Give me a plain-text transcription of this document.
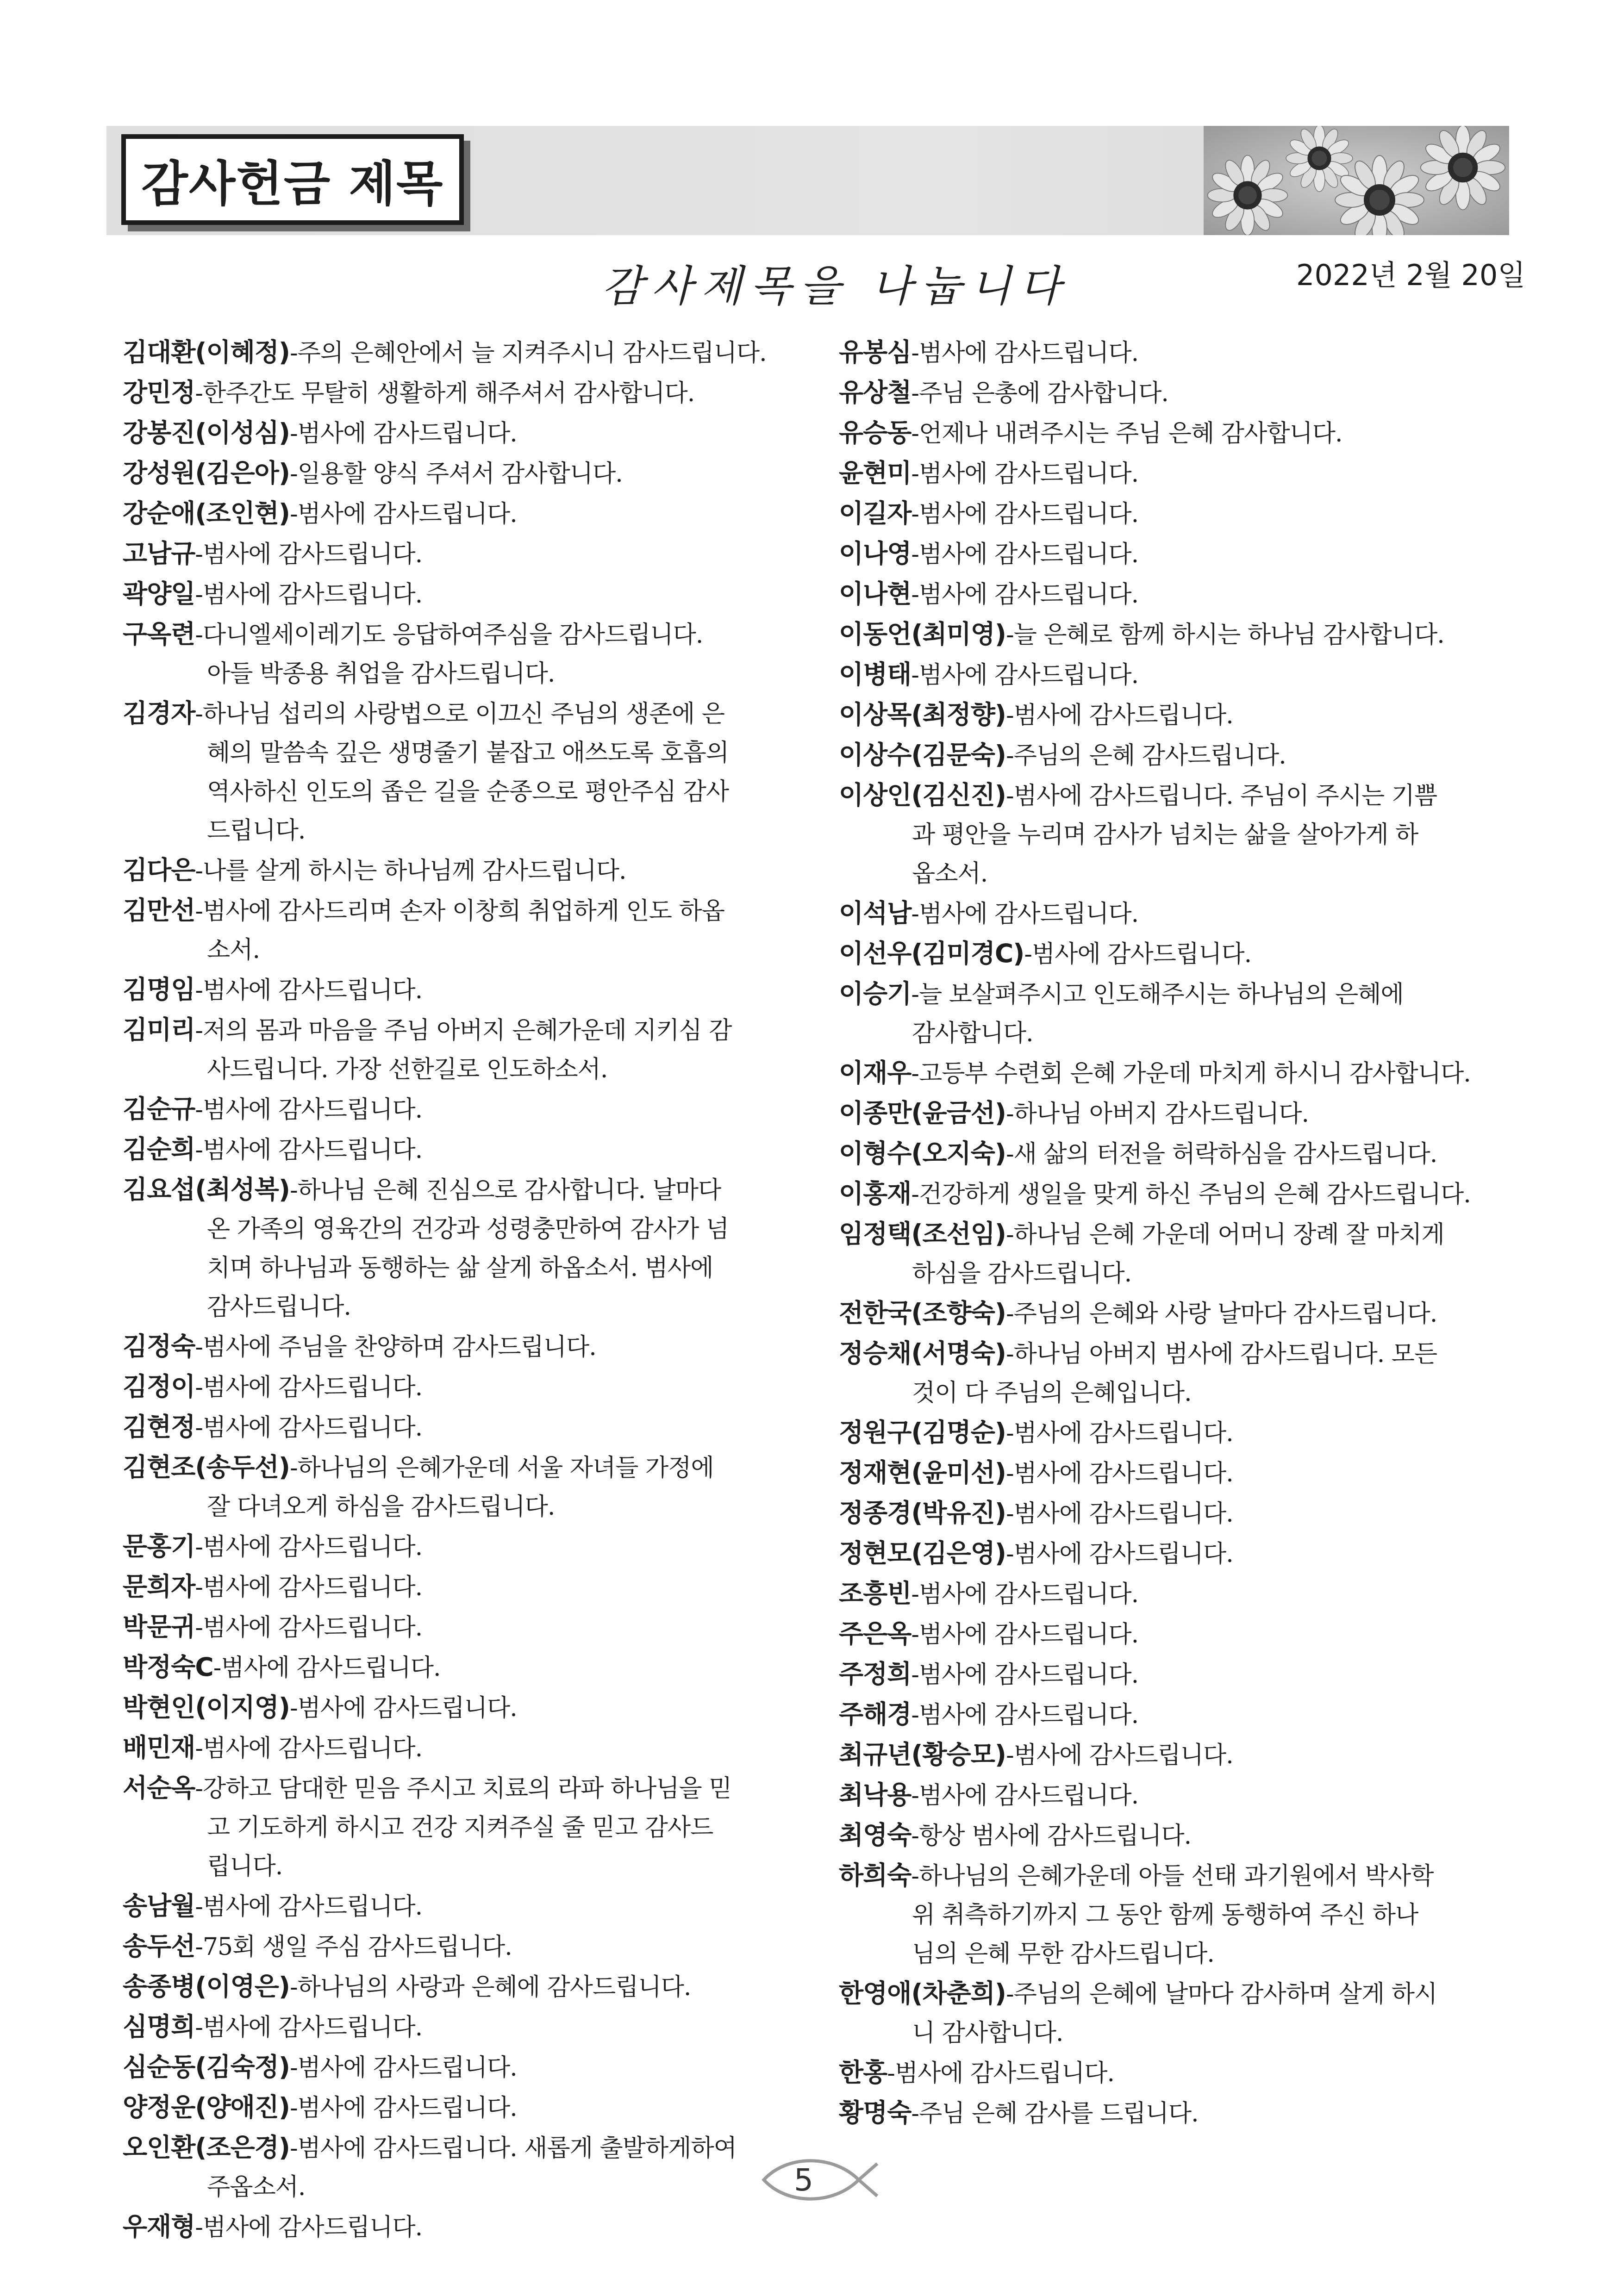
감사헌금 제목
감사제목을 나눕니다	2022년 2월 20일
김대환(이혜정)-주의 은혜안에서 늘 지켜주시니 감사드립니다.
강민정-한주간도 무탈히 생활하게 해주셔서 감사합니다.
강봉진(이성심)-범사에 감사드립니다.
강성원(김은아)-일용할 양식 주셔서 감사합니다.
강순애(조인현)-범사에 감사드립니다.
고남규-범사에 감사드립니다.
곽양일-범사에 감사드립니다.
구옥련-다니엘세이레기도 응답하여주심을 감사드립니다.
아들 박종용 취업을 감사드립니다.
김경자-하나님 섭리의 사랑법으로 이끄신 주님의 생존에 은
혜의 말씀속 깊은 생명줄기 붙잡고 애쓰도록 호흡의
역사하신 인도의 좁은 길을 순종으로 평안주심 감사
드립니다.
김다은-나를 살게 하시는 하나님께 감사드립니다.
김만선-범사에 감사드리며 손자 이창희 취업하게 인도 하옵
소서.
김명임-범사에 감사드립니다.
김미리-저의 몸과 마음을 주님 아버지 은혜가운데 지키심 감
사드립니다. 가장 선한길로 인도하소서.
김순규-범사에 감사드립니다.
김순희-범사에 감사드립니다.
김요섭(최성복)-하나님 은혜 진심으로 감사합니다. 날마다
온 가족의 영육간의 건강과 성령충만하여 감사가 넘
치며 하나님과 동행하는 삶 살게 하옵소서. 범사에
감사드립니다.
김정숙-범사에 주님을 찬양하며 감사드립니다.
김정이-범사에 감사드립니다.
김현정-범사에 감사드립니다.
김현조(송두선)-하나님의 은혜가운데 서울 자녀들 가정에
잘 다녀오게 하심을 감사드립니다.
문홍기-범사에 감사드립니다.
문희자-범사에 감사드립니다.
박문귀-범사에 감사드립니다.
박정숙C-범사에 감사드립니다.
박현인(이지영)-범사에 감사드립니다.
배민재-범사에 감사드립니다.
서순옥-강하고 담대한 믿음 주시고 치료의 라파 하나님을 믿
고 기도하게 하시고 건강 지켜주실 줄 믿고 감사드
립니다.
송남월-범사에 감사드립니다.
송두선-75회 생일 주심 감사드립니다.
송종병(이영은)-하나님의 사랑과 은혜에 감사드립니다.
심명희-범사에 감사드립니다.
심순동(김숙정)-범사에 감사드립니다.
양정운(양애진)-범사에 감사드립니다.
오인환(조은경)-범사에 감사드립니다. 새롭게 출발하게하여
주옵소서.
우재형-범사에 감사드립니다.
유봉심-범사에 감사드립니다.
유상철-주님 은총에 감사합니다.
유승동-언제나 내려주시는 주님 은혜 감사합니다.
윤현미-범사에 감사드립니다.
이길자-범사에 감사드립니다.
이나영-범사에 감사드립니다.
이나현-범사에 감사드립니다.
이동언(최미영)-늘 은혜로 함께 하시는 하나님 감사합니다.
이병태-범사에 감사드립니다.
이상목(최정향)-범사에 감사드립니다.
이상수(김문숙)-주님의 은혜 감사드립니다.
이상인(김신진)-범사에 감사드립니다. 주님이 주시는 기쁨
과 평안을 누리며 감사가 넘치는 삶을 살아가게 하
옵소서.
이석남-범사에 감사드립니다.
이선우(김미경C)-범사에 감사드립니다.
이승기-늘 보살펴주시고 인도해주시는 하나님의 은혜에
감사합니다.
이재우-고등부 수련회 은혜 가운데 마치게 하시니 감사합니다.
이종만(윤금선)-하나님 아버지 감사드립니다.
이형수(오지숙)-새 삶의 터전을 허락하심을 감사드립니다.
이홍재-건강하게 생일을 맞게 하신 주님의 은혜 감사드립니다.
임정택(조선임)-하나님 은혜 가운데 어머니 장례 잘 마치게
하심을 감사드립니다.
전한국(조향숙)-주님의 은혜와 사랑 날마다 감사드립니다.
정승채(서명숙)-하나님 아버지 범사에 감사드립니다. 모든
것이 다 주님의 은혜입니다.
정원구(김명순)-범사에 감사드립니다.
정재현(윤미선)-범사에 감사드립니다.
정종경(박유진)-범사에 감사드립니다.
정현모(김은영)-범사에 감사드립니다.
조흥빈-범사에 감사드립니다.
주은옥-범사에 감사드립니다.
주정희-범사에 감사드립니다.
주해경-범사에 감사드립니다.
최규년(황승모)-범사에 감사드립니다.
최낙용-범사에 감사드립니다.
최영숙-항상 범사에 감사드립니다.
하희숙-하나님의 은혜가운데 아들 선태 과기원에서 박사학
위 취측하기까지 그 동안 함께 동행하여 주신 하나
님의 은혜 무한 감사드립니다.
한영애(차춘희)-주님의 은혜에 날마다 감사하며 살게 하시
니 감사합니다.
한홍-범사에 감사드립니다.
황명숙-주님 은혜 감사를 드립니다.
5
